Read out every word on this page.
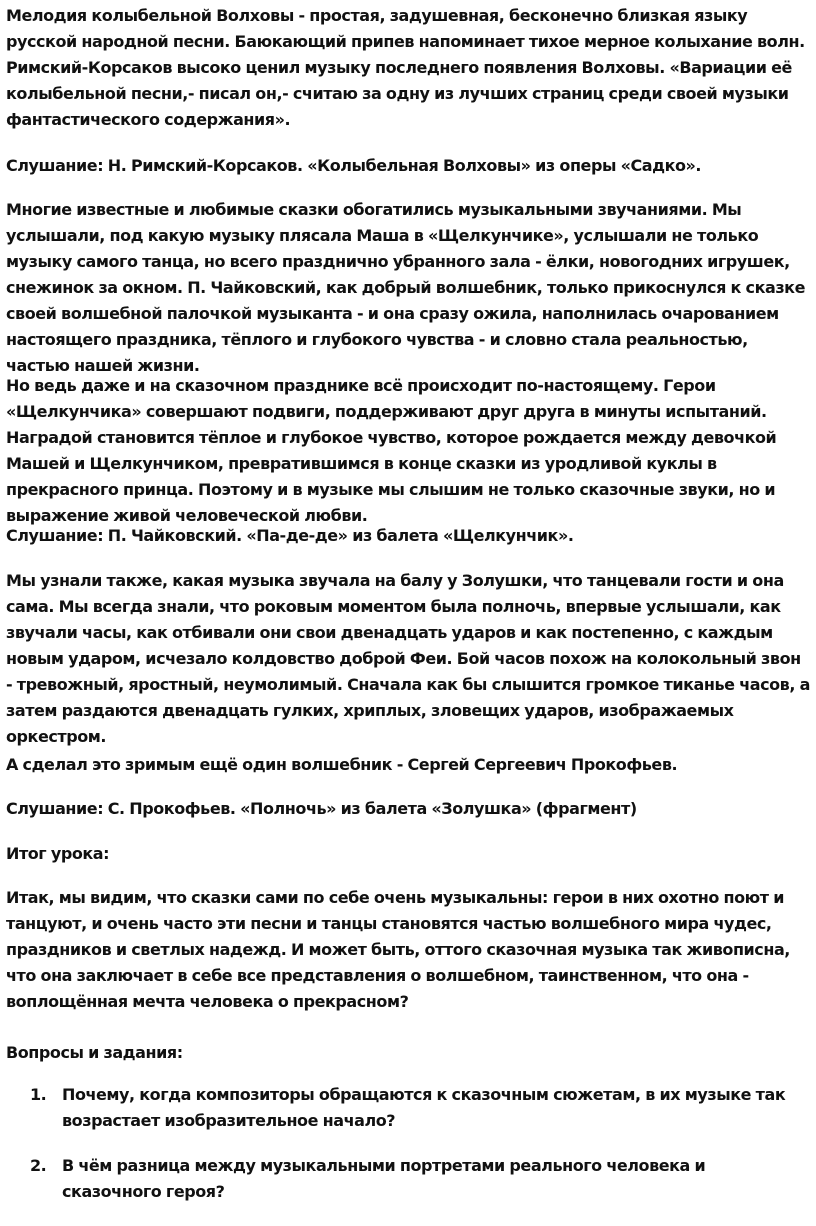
Мелодия колыбельной Волховы - простая, задушевная, бесконечно близкая языку русской народной песни. Баюкающий припев напоминает тихое мерное колыхание волн. Римский-Корсаков высоко ценил музыку последнего появления Волховы. «Вариации её колыбельной песни,- писал он,- считаю за одну из лучших страниц среди своей музыки фантастического содержания».

Слушание: Н. Римский-Корсаков. «Колыбельная Волховы» из оперы «Садко».

Многие известные и любимые сказки обогатились музыкальными звучаниями. Мы услышали, под какую музыку плясала Маша в «Щелкунчике», услышали не только музыку самого танца, но всего празднично убранного зала - ёлки, новогодних игрушек, снежинок за окном. П. Чайковский, как добрый волшебник, только прикоснулся к сказке своей волшебной палочкой музыканта - и она сразу ожила, наполнилась очарованием настоящего праздника, тёплого и глубокого чувства - и словно стала реальностью, частью нашей жизни.

Но ведь даже и на сказочном празднике всё происходит по-настоящему. Герои «Щелкунчика» совершают подвиги, поддерживают друг друга в минуты испытаний. Наградой становится тёплое и глубокое чувство, которое рождается между девочкой Машей и Щелкунчиком, превратившимся в конце сказки из уродливой куклы в прекрасного принца. Поэтому и в музыке мы слышим не только сказочные звуки, но и выражение живой человеческой любви.

Слушание: П. Чайковский. «Па-де-де» из балета «Щелкунчик».

Мы узнали также, какая музыка звучала на балу у Золушки, что танцевали гости и она сама. Мы всегда знали, что роковым моментом была полночь, впервые услышали, как звучали часы, как отбивали они свои двенадцать ударов и как постепенно, с каждым новым ударом, исчезало колдовство доброй Феи. Бой часов похож на колокольный звон - тревожный, яростный, неумолимый. Сначала как бы слышится громкое тиканье часов, а затем раздаются двенадцать гулких, хриплых, зловещих ударов, изображаемых оркестром.

А сделал это зримым ещё один волшебник - Сергей Сергеевич Прокофьев.

Слушание: С. Прокофьев. «Полночь» из балета «Золушка» (фрагмент)

Итог урока:

Итак, мы видим, что сказки сами по себе очень музыкальны: герои в них охотно поют и танцуют, и очень часто эти песни и танцы становятся частью волшебного мира чудес, праздников и светлых надежд. И может быть, оттого сказочная музыка так живописна, что она заключает в себе все представления о волшебном, таинственном, что она - воплощённая мечта человека о прекрасном?

Вопросы и задания:

1. Почему, когда композиторы обращаются к сказочным сюжетам, в их музыке так возрастает изобразительное начало?
2. В чём разница между музыкальными портретами реального человека и сказочного героя?
